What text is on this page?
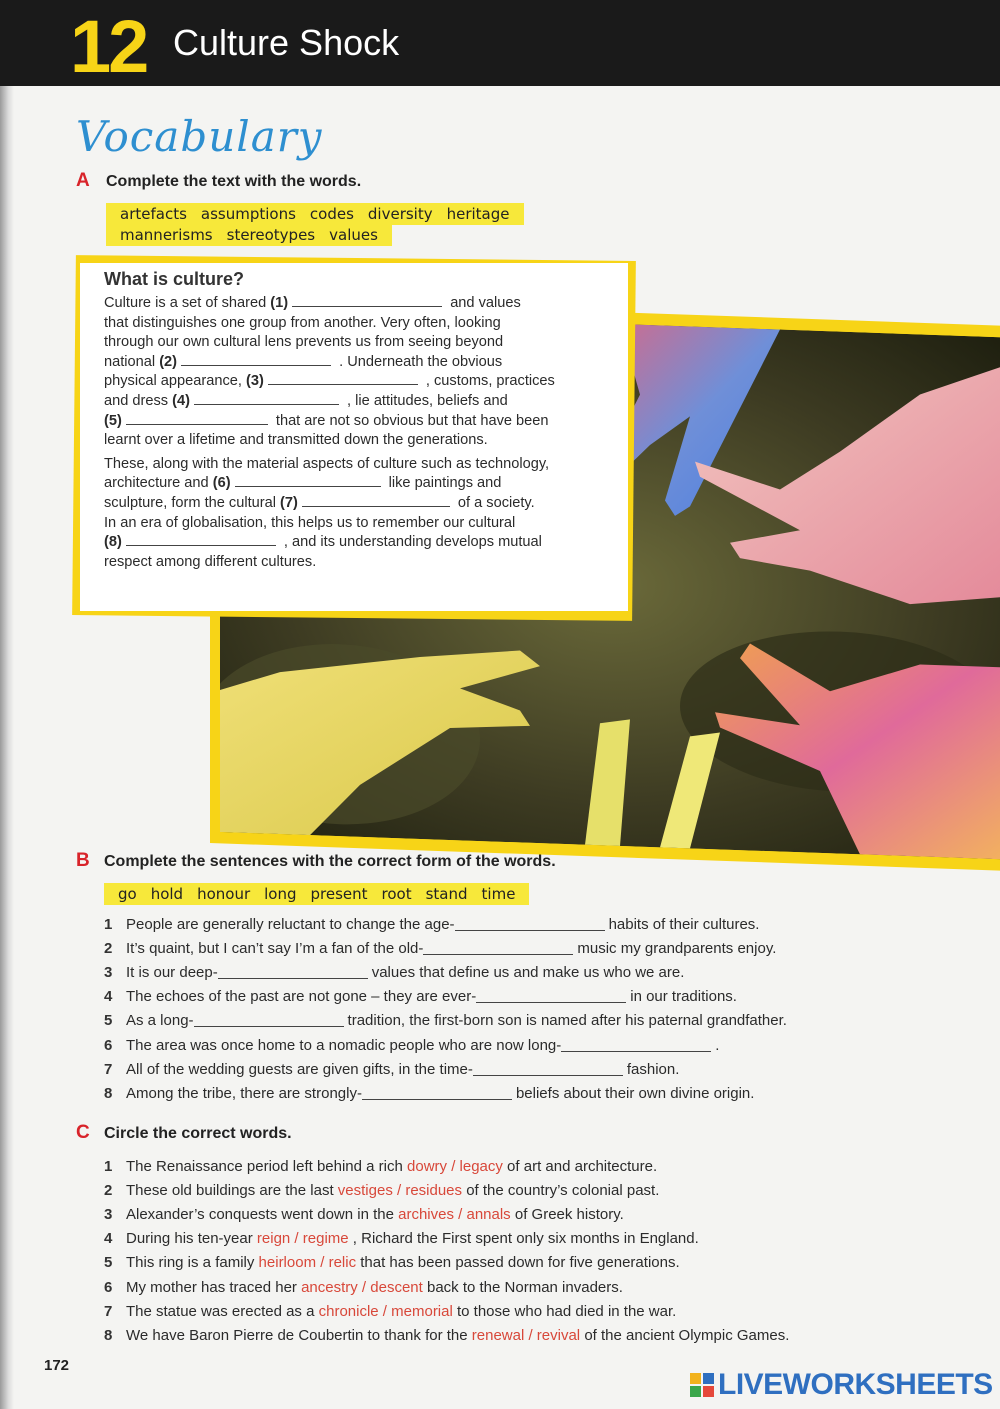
12 Culture Shock
Vocabulary
A Complete the text with the words.
artefacts assumptions codes diversity heritage
mannerisms stereotypes values
What is culture?

Culture is a set of shared (1)	and values
that distinguishes one group from another. Very often, looking
through our own cultural lens prevents us from seeing beyond
national (2)	. Underneath the obvious
physical appearance, (3)	, customs, practices
and dress (4)	, lie attitudes, beliefs and
(5)	that are not so obvious but that have been
learnt over a lifetime and transmitted down the generations.

These, along with the material aspects of culture such as technology,
architecture and (6)	like paintings and
sculpture, form the cultural (7)	of a society.
In an era of globalisation, this helps us to remember our cultural
(8)	, and its understanding develops mutual
respect among different cultures.

B Complete the sentences with the correct form of the words.
go hold honour long present root stand time
1 People are generally reluctant to change the age-	habits of their cultures.
2 It’s quaint, but I can’t say I’m a fan of the old-	music my grandparents enjoy.
3 It is our deep-	values that define us and make us who we are.
4 The echoes of the past are not gone – they are ever-	in our traditions.
5 As a long-	tradition, the first-born son is named after his paternal grandfather.
6 The area was once home to a nomadic people who are now long-	.
7 All of the wedding guests are given gifts, in the time-	fashion.
8 Among the tribe, there are strongly-	beliefs about their own divine origin.
C Circle the correct words.
1 The Renaissance period left behind a rich dowry / legacy of art and architecture.
2 These old buildings are the last vestiges / residues of the country’s colonial past.
3 Alexander’s conquests went down in the archives / annals of Greek history.
4 During his ten-year reign / regime , Richard the First spent only six months in England.
5 This ring is a family heirloom / relic that has been passed down for five generations.
6 My mother has traced her ancestry / descent back to the Norman invaders.
7 The statue was erected as a chronicle / memorial to those who had died in the war.
8 We have Baron Pierre de Coubertin to thank for the renewal / revival of the ancient Olympic Games.
172
LIVEWORKSHEETS
